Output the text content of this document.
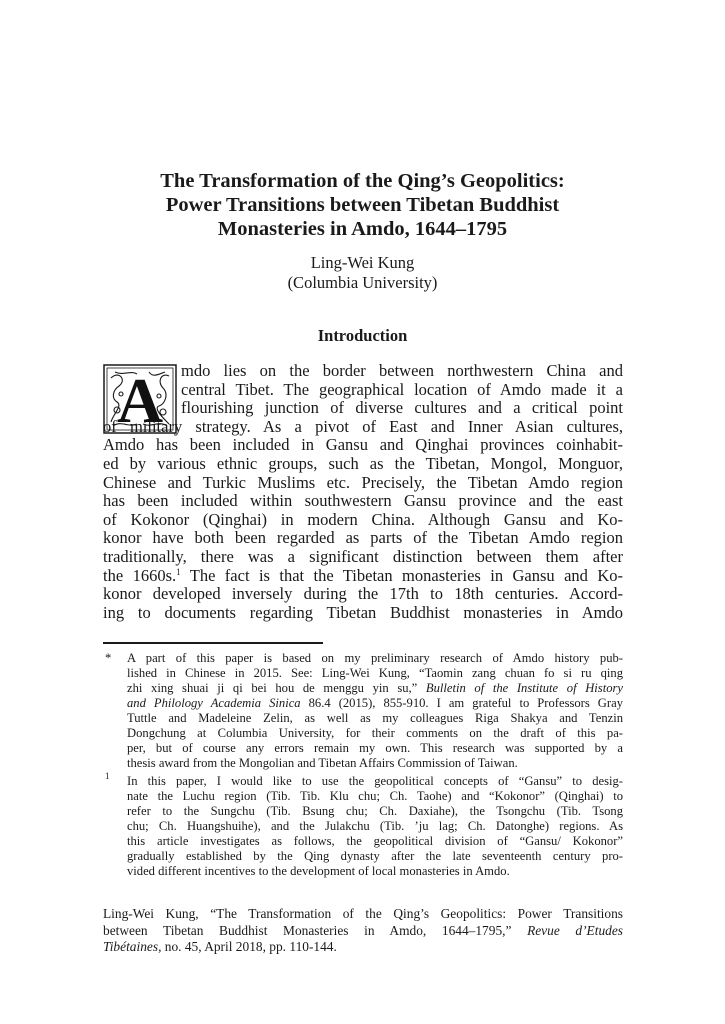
The Transformation of the Qing’s Geopolitics:
Power Transitions between Tibetan Buddhist
Monasteries in Amdo, 1644–1795
Ling-Wei Kung
(Columbia University)
Introduction
A mdo lies on the border between northwestern China and
central Tibet. The geographical location of Amdo made it a
flourishing junction of diverse cultures and a critical point
of military strategy. As a pivot of East and Inner Asian cultures,
Amdo has been included in Gansu and Qinghai provinces coinhabit-
ed by various ethnic groups, such as the Tibetan, Mongol, Monguor,
Chinese and Turkic Muslims etc. Precisely, the Tibetan Amdo region
has been included within southwestern Gansu province and the east
of Kokonor (Qinghai) in modern China. Although Gansu and Ko-
konor have both been regarded as parts of the Tibetan Amdo region
traditionally, there was a significant distinction between them after
the 1660s.$^1$ The fact is that the Tibetan monasteries in Gansu and Ko-
konor developed inversely during the 17th to 18th centuries. Accord-
ing to documents regarding Tibetan Buddhist monasteries in Amdo
* A part of this paper is based on my preliminary research of Amdo history pub-
lished in Chinese in 2015. See: Ling-Wei Kung, “Taomin zang chuan fo si ru qing
zhi xing shuai ji qi bei hou de menggu yin su,” Bulletin of the Institute of History
and Philology Academia Sinica 86.4 (2015), 855-910. I am grateful to Professors Gray
Tuttle and Madeleine Zelin, as well as my colleagues Riga Shakya and Tenzin
Dongchung at Columbia University, for their comments on the draft of this pa-
per, but of course any errors remain my own. This research was supported by a
thesis award from the Mongolian and Tibetan Affairs Commission of Taiwan.
$^1$ In this paper, I would like to use the geopolitical concepts of “Gansu” to desig-
nate the Luchu region (Tib. Tib. Klu chu; Ch. Taohe) and “Kokonor” (Qinghai) to
refer to the Sungchu (Tib. Bsung chu; Ch. Daxiahe), the Tsongchu (Tib. Tsong
chu; Ch. Huangshuihe), and the Julakchu (Tib. ’ju lag; Ch. Datonghe) regions. As
this article investigates as follows, the geopolitical division of “Gansu/ Kokonor”
gradually established by the Qing dynasty after the late seventeenth century pro-
vided different incentives to the development of local monasteries in Amdo.
Ling-Wei Kung, “The Transformation of the Qing’s Geopolitics: Power Transitions
between Tibetan Buddhist Monasteries in Amdo, 1644–1795,” Revue d’Etudes
Tibétaines, no. 45, April 2018, pp. 110-144.
